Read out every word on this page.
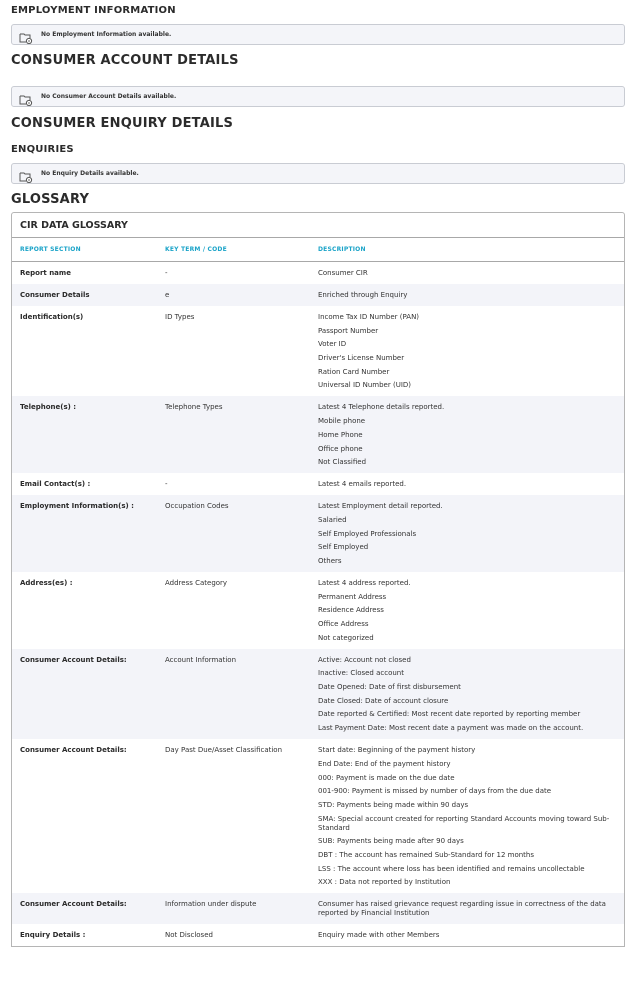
EMPLOYMENT INFORMATION
No Employment Information available.
CONSUMER ACCOUNT DETAILS
No Consumer Account Details available.
CONSUMER ENQUIRY DETAILS
ENQUIRIES
No Enquiry Details available.
GLOSSARY
CIR DATA GLOSSARY
REPORT SECTION	KEY TERM / CODE	DESCRIPTION
Report name	-	Consumer CIR
Consumer Details	e	Enriched through Enquiry
Identification(s)	ID Types	Income Tax ID Number (PAN)
Passport Number
Voter ID
Driver's License Number
Ration Card Number
Universal ID Number (UID)
Telephone(s) :	Telephone Types	Latest 4 Telephone details reported.
Mobile phone
Home Phone
Office phone
Not Classified
Email Contact(s) :	-	Latest 4 emails reported.
Employment Information(s) :	Occupation Codes	Latest Employment detail reported.
Salaried
Self Employed Professionals
Self Employed
Others
Address(es) :	Address Category	Latest 4 address reported.
Permanent Address
Residence Address
Office Address
Not categorized
Consumer Account Details:	Account Information	Active: Account not closed
Inactive: Closed account
Date Opened: Date of first disbursement
Date Closed: Date of account closure
Date reported & Certified: Most recent date reported by reporting member
Last Payment Date: Most recent date a payment was made on the account.
Consumer Account Details:	Day Past Due/Asset Classification	Start date: Beginning of the payment history
End Date: End of the payment history
000: Payment is made on the due date
001-900: Payment is missed by number of days from the due date
STD: Payments being made within 90 days
SMA: Special account created for reporting Standard Accounts moving toward Sub-Standard
SUB: Payments being made after 90 days
DBT : The account has remained Sub-Standard for 12 months
LSS : The account where loss has been identified and remains uncollectable
XXX : Data not reported by Institution
Consumer Account Details:	Information under dispute	Consumer has raised grievance request regarding issue in correctness of the data reported by Financial Institution
Enquiry Details :	Not Disclosed	Enquiry made with other Members
